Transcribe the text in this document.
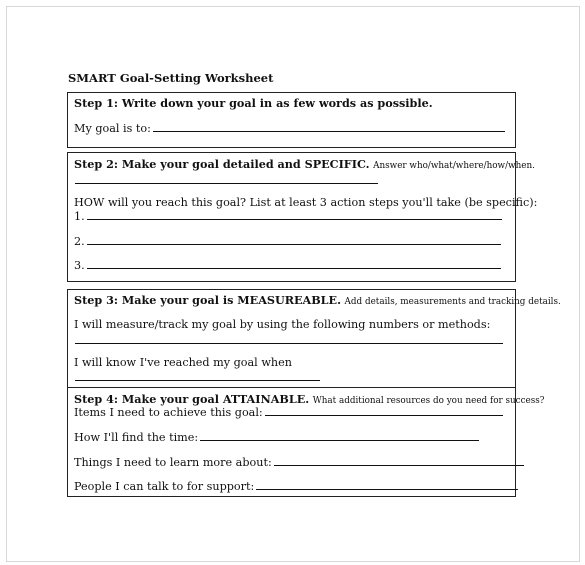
SMART Goal-Setting Worksheet
Step 1: Write down your goal in as few words as possible.
My goal is to:
Step 2: Make your goal detailed and SPECIFIC. Answer who/what/where/how/when.
HOW will you reach this goal? List at least 3 action steps you'll take (be specific):
1.
2.
3.
Step 3: Make your goal is MEASUREABLE. Add details, measurements and tracking details.
I will measure/track my goal by using the following numbers or methods:
I will know I've reached my goal when
Step 4: Make your goal ATTAINABLE. What additional resources do you need for success?
Items I need to achieve this goal:
How I'll find the time:
Things I need to learn more about:
People I can talk to for support:
